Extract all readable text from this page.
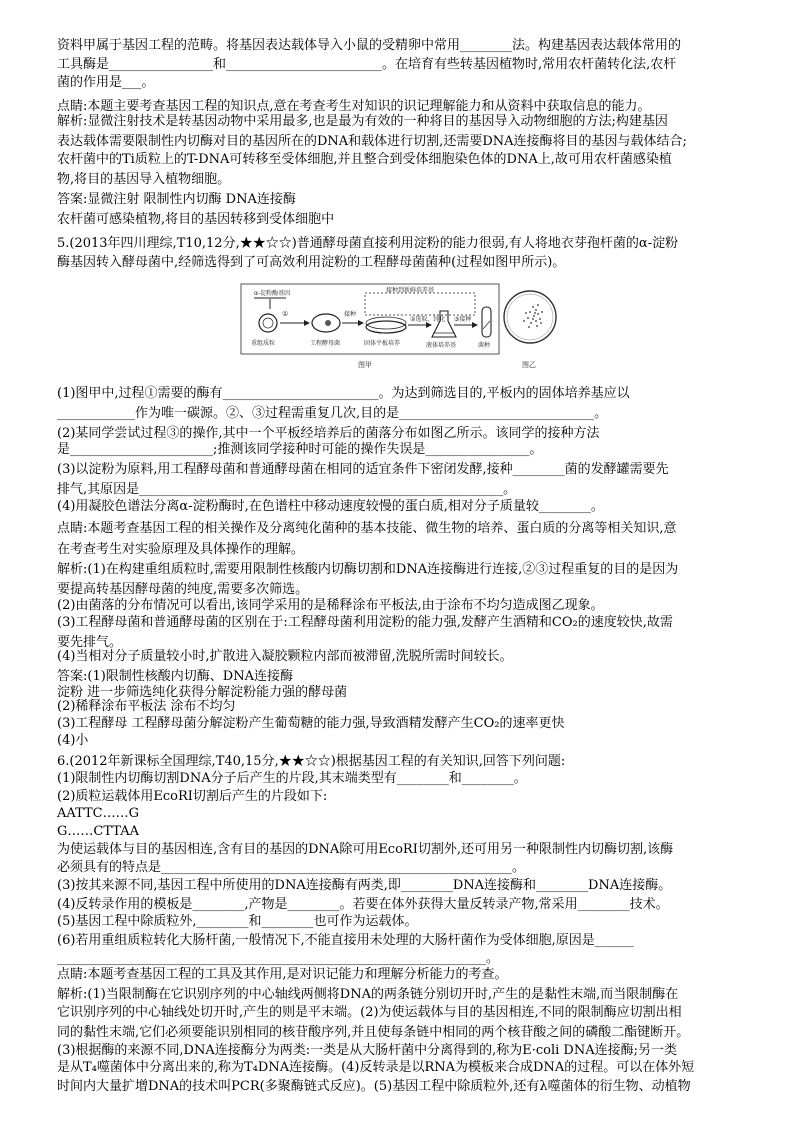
α-淀粉酶基因
①
重组质粒	工程酵母菌
接种
固体平板培养
接种到新鲜培养基
②选取、纯化
液体培养基
③接种
菌种
图甲	图乙
资料甲属于基因工程的范畴。将基因表达载体导入小鼠的受精卵中常用________法。构建基因表达载体常用的
工具酶是________________和________________________。在培育有些转基因植物时,常用农杆菌转化法,农杆
菌的作用是___。
点睛:本题主要考查基因工程的知识点,意在考查考生对知识的识记理解能力和从资料中获取信息的能力。
解析:显微注射技术是转基因动物中采用最多,也是最为有效的一种将目的基因导入动物细胞的方法;构建基因
表达载体需要限制性内切酶对目的基因所在的DNA和载体进行切割,还需要DNA连接酶将目的基因与载体结合;
农杆菌中的Ti质粒上的T-DNA可转移至受体细胞,并且整合到受体细胞染色体的DNA上,故可用农杆菌感染植
物,将目的基因导入植物细胞。
答案:显微注射 限制性内切酶 DNA连接酶
农杆菌可感染植物,将目的基因转移到受体细胞中
5.(2013年四川理综,T10,12分,★★☆☆)普通酵母菌直接利用淀粉的能力很弱,有人将地衣芽孢杆菌的α-淀粉
酶基因转入酵母菌中,经筛选得到了可高效利用淀粉的工程酵母菌菌种(过程如图甲所示)。
(1)图甲中,过程①需要的酶有________________________。为达到筛选目的,平板内的固体培养基应以
____________作为唯一碳源。②、③过程需重复几次,目的是______________________________。
(2)某同学尝试过程③的操作,其中一个平板经培养后的菌落分布如图乙所示。该同学的接种方法
是______________________;推测该同学接种时可能的操作失误是________________。
(3)以淀粉为原料,用工程酵母菌和普通酵母菌在相同的适宜条件下密闭发酵,接种________菌的发酵罐需要先
排气,其原因是________________________________________________________。
(4)用凝胶色谱法分离α-淀粉酶时,在色谱柱中移动速度较慢的蛋白质,相对分子质量较________。
点睛:本题考查基因工程的相关操作及分离纯化菌种的基本技能、微生物的培养、蛋白质的分离等相关知识,意
在考查考生对实验原理及具体操作的理解。
解析:(1)在构建重组质粒时,需要用限制性核酸内切酶切割和DNA连接酶进行连接,②③过程重复的目的是因为
要提高转基因酵母菌的纯度,需要多次筛选。
(2)由菌落的分布情况可以看出,该同学采用的是稀释涂布平板法,由于涂布不均匀造成图乙现象。
(3)工程酵母菌和普通酵母菌的区别在于:工程酵母菌利用淀粉的能力强,发酵产生酒精和CO₂的速度较快,故需
要先排气。
(4)当相对分子质量较小时,扩散进入凝胶颗粒内部而被滞留,洗脱所需时间较长。
答案:(1)限制性核酸内切酶、DNA连接酶
淀粉 进一步筛选纯化获得分解淀粉能力强的酵母菌
(2)稀释涂布平板法 涂布不均匀
(3)工程酵母 工程酵母菌分解淀粉产生葡萄糖的能力强,导致酒精发酵产生CO₂的速率更快
(4)小
6.(2012年新课标全国理综,T40,15分,★★☆☆)根据基因工程的有关知识,回答下列问题:
(1)限制性内切酶切割DNA分子后产生的片段,其末端类型有________和________。
(2)质粒运载体用EcoRⅠ切割后产生的片段如下:
AATTC……G
G……CTTAA
为使运载体与目的基因相连,含有目的基因的DNA除可用EcoRⅠ切割外,还可用另一种限制性内切酶切割,该酶
必须具有的特点是______________________________________________________。
(3)按其来源不同,基因工程中所使用的DNA连接酶有两类,即________DNA连接酶和________DNA连接酶。
(4)反转录作用的模板是________,产物是________。若要在体外获得大量反转录产物,常采用________技术。
(5)基因工程中除质粒外,________和________也可作为运载体。
(6)若用重组质粒转化大肠杆菌,一般情况下,不能直接用未处理的大肠杆菌作为受体细胞,原因是______
__________________________________________________________________。
点睛:本题考查基因工程的工具及其作用,是对识记能力和理解分析能力的考查。
解析:(1)当限制酶在它识别序列的中心轴线两侧将DNA的两条链分别切开时,产生的是黏性末端,而当限制酶在
它识别序列的中心轴线处切开时,产生的则是平末端。(2)为使运载体与目的基因相连,不同的限制酶应切割出相
同的黏性末端,它们必须要能识别相同的核苷酸序列,并且使每条链中相同的两个核苷酸之间的磷酸二酯键断开。
(3)根据酶的来源不同,DNA连接酶分为两类:一类是从大肠杆菌中分离得到的,称为E·coli DNA连接酶;另一类
是从T₄噬菌体中分离出来的,称为T₄DNA连接酶。(4)反转录是以RNA为模板来合成DNA的过程。可以在体外短
时间内大量扩增DNA的技术叫PCR(多聚酶链式反应)。(5)基因工程中除质粒外,还有λ噬菌体的衍生物、动植物
